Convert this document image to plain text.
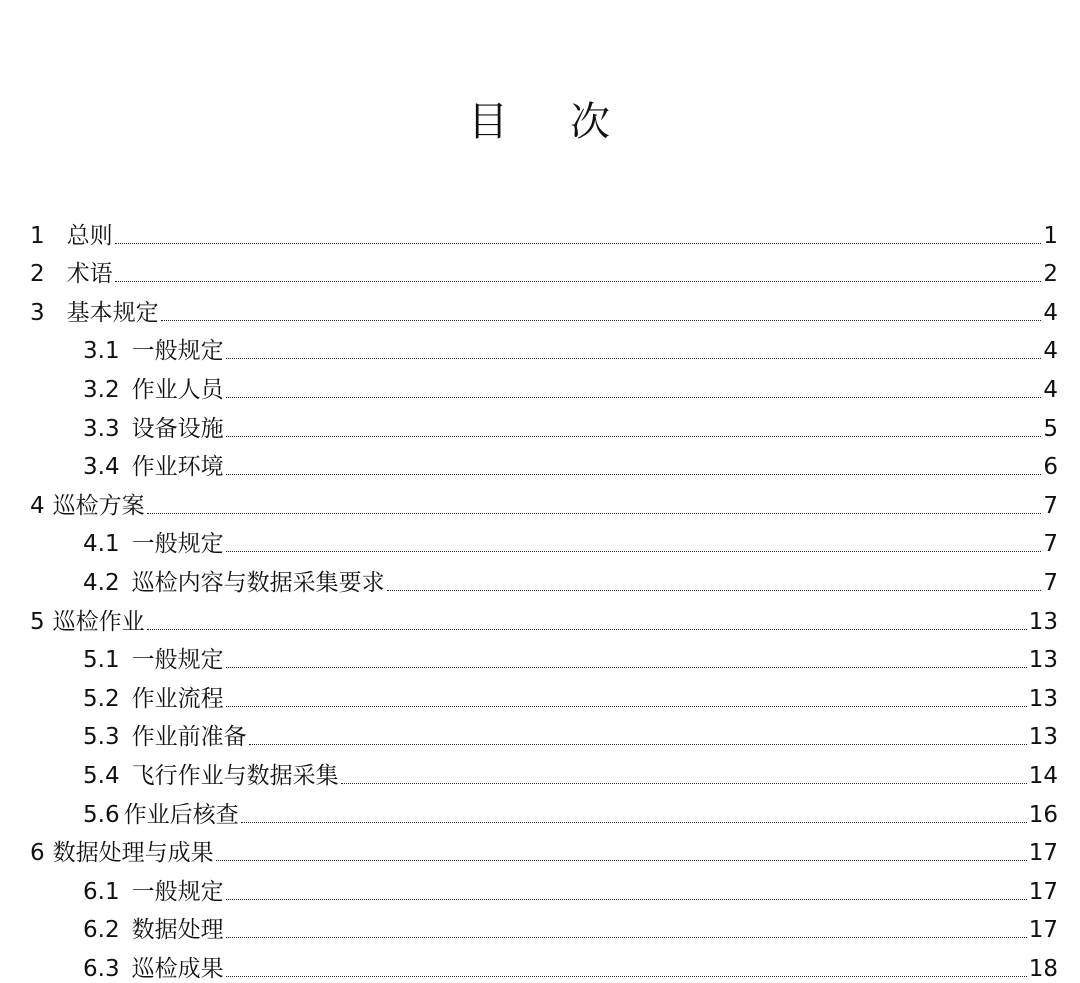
目 次
1 总则	1
2 术语	2
3 基本规定	4
3.1 一般规定	4
3.2 作业人员	4
3.3 设备设施	5
3.4 作业环境	6
4 巡检方案	7
4.1 一般规定	7
4.2 巡检内容与数据采集要求	7
5 巡检作业	13
5.1 一般规定	13
5.2 作业流程	13
5.3 作业前准备	13
5.4 飞行作业与数据采集	14
5.6 作业后核查	16
6 数据处理与成果	17
6.1 一般规定	17
6.2 数据处理	17
6.3 巡检成果	18
